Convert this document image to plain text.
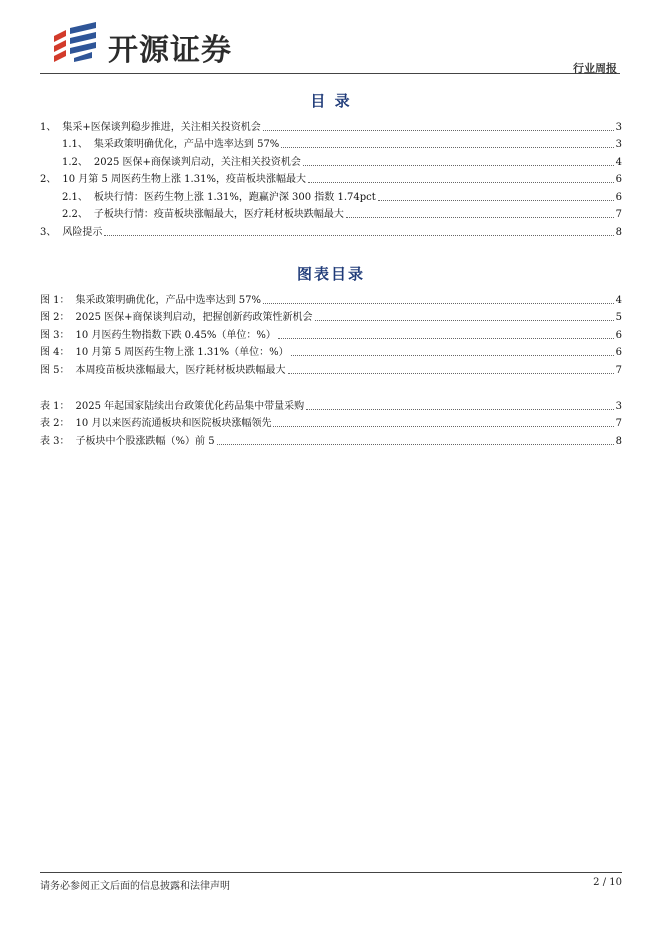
开源证券
行业周报
目 录
1、 集采+医保谈判稳步推进，关注相关投资机会	3
1.1、 集采政策明确优化，产品中选率达到 57%	3
1.2、 2025 医保+商保谈判启动，关注相关投资机会	4
2、 10 月第 5 周医药生物上涨 1.31%，疫苗板块涨幅最大	6
2.1、 板块行情：医药生物上涨 1.31%，跑赢沪深 300 指数 1.74pct	6
2.2、 子板块行情：疫苗板块涨幅最大，医疗耗材板块跌幅最大	7
3、 风险提示	8
图表目录
图 1： 集采政策明确优化，产品中选率达到 57%	4
图 2： 2025 医保+商保谈判启动，把握创新药政策性新机会	5
图 3： 10 月医药生物指数下跌 0.45%（单位：%）	6
图 4： 10 月第 5 周医药生物上涨 1.31%（单位：%）	6
图 5： 本周疫苗板块涨幅最大，医疗耗材板块跌幅最大	7
表 1： 2025 年起国家陆续出台政策优化药品集中带量采购	3
表 2： 10 月以来医药流通板块和医院板块涨幅领先	7
表 3： 子板块中个股涨跌幅（%）前 5	8
请务必参阅正文后面的信息披露和法律声明	2 / 10
